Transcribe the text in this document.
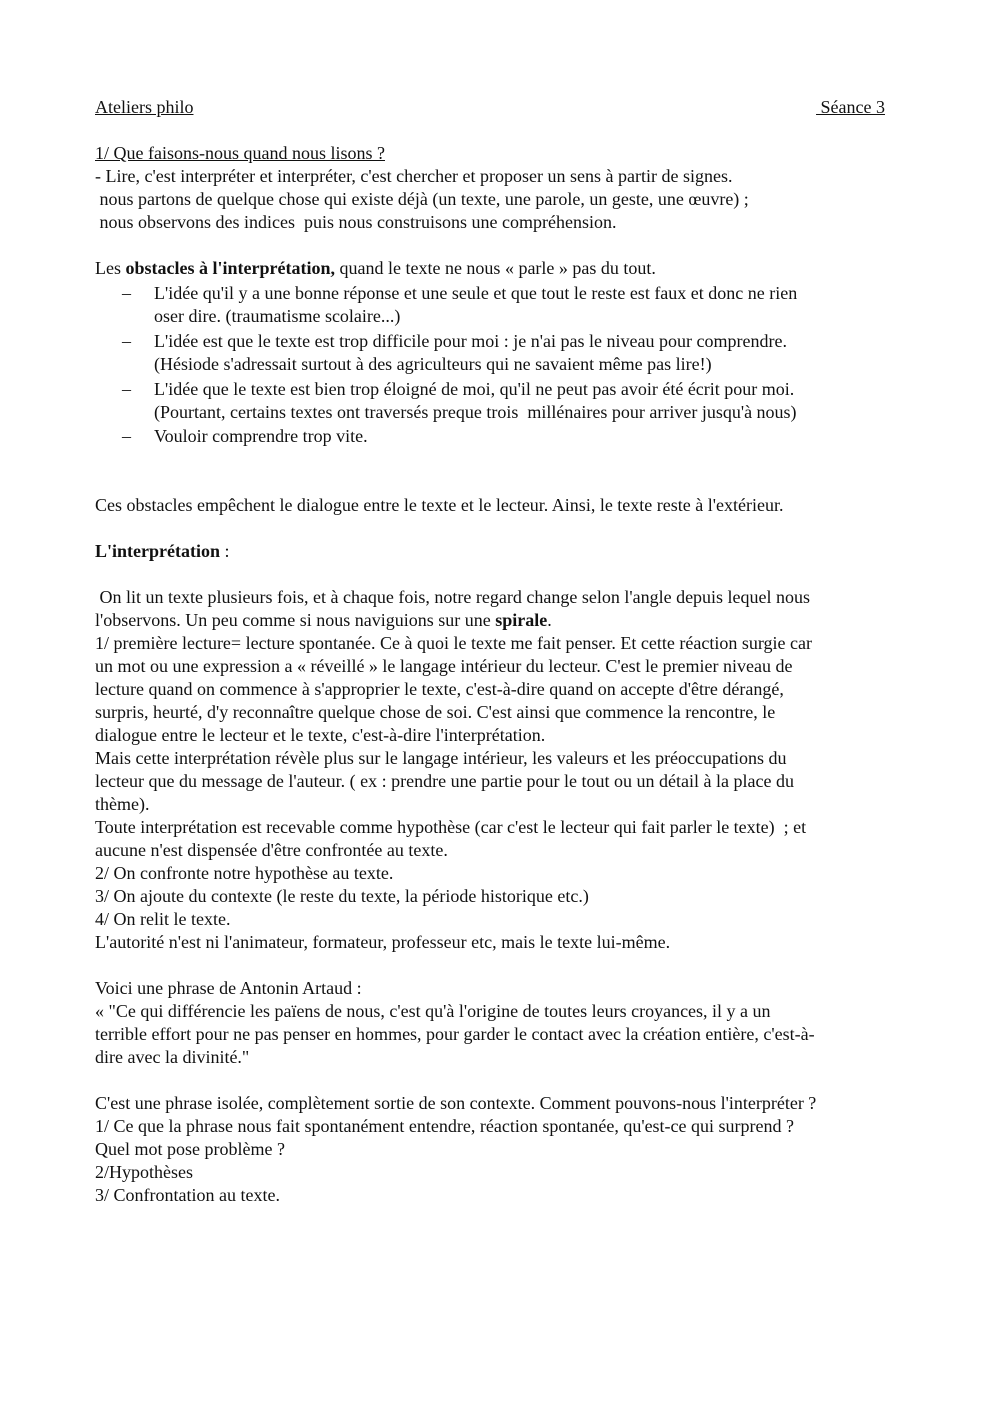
Ateliers philo	Séance 3
1/ Que faisons-nous quand nous lisons ?
- Lire, c'est interpréter et interpréter, c'est chercher et proposer un sens à partir de signes.
nous partons de quelque chose qui existe déjà (un texte, une parole, un geste, une œuvre) ;
nous observons des indices  puis nous construisons une compréhension.
Les obstacles à l'interprétation, quand le texte ne nous « parle » pas du tout.
– L'idée qu'il y a une bonne réponse et une seule et que tout le reste est faux et donc ne rien
oser dire. (traumatisme scolaire...)
– L'idée est que le texte est trop difficile pour moi : je n'ai pas le niveau pour comprendre.
(Hésiode s'adressait surtout à des agriculteurs qui ne savaient même pas lire!)
– L'idée que le texte est bien trop éloigné de moi, qu'il ne peut pas avoir été écrit pour moi.
(Pourtant, certains textes ont traversés preque trois  millénaires pour arriver jusqu'à nous)
– Vouloir comprendre trop vite.
Ces obstacles empêchent le dialogue entre le texte et le lecteur. Ainsi, le texte reste à l'extérieur.
L'interprétation :
On lit un texte plusieurs fois, et à chaque fois, notre regard change selon l'angle depuis lequel nous
l'observons. Un peu comme si nous naviguions sur une spirale.
1/ première lecture= lecture spontanée. Ce à quoi le texte me fait penser. Et cette réaction surgie car
un mot ou une expression a « réveillé » le langage intérieur du lecteur. C'est le premier niveau de
lecture quand on commence à s'approprier le texte, c'est-à-dire quand on accepte d'être dérangé,
surpris, heurté, d'y reconnaître quelque chose de soi. C'est ainsi que commence la rencontre, le
dialogue entre le lecteur et le texte, c'est-à-dire l'interprétation.
Mais cette interprétation révèle plus sur le langage intérieur, les valeurs et les préoccupations du
lecteur que du message de l'auteur. ( ex : prendre une partie pour le tout ou un détail à la place du
thème).
Toute interprétation est recevable comme hypothèse (car c'est le lecteur qui fait parler le texte)  ; et
aucune n'est dispensée d'être confrontée au texte.
2/ On confronte notre hypothèse au texte.
3/ On ajoute du contexte (le reste du texte, la période historique etc.)
4/ On relit le texte.
L'autorité n'est ni l'animateur, formateur, professeur etc, mais le texte lui-même.
Voici une phrase de Antonin Artaud :
« "Ce qui différencie les païens de nous, c'est qu'à l'origine de toutes leurs croyances, il y a un
terrible effort pour ne pas penser en hommes, pour garder le contact avec la création entière, c'est-à-
dire avec la divinité."
C'est une phrase isolée, complètement sortie de son contexte. Comment pouvons-nous l'interpréter ?
1/ Ce que la phrase nous fait spontanément entendre, réaction spontanée, qu'est-ce qui surprend ?
Quel mot pose problème ?
2/Hypothèses
3/ Confrontation au texte.
